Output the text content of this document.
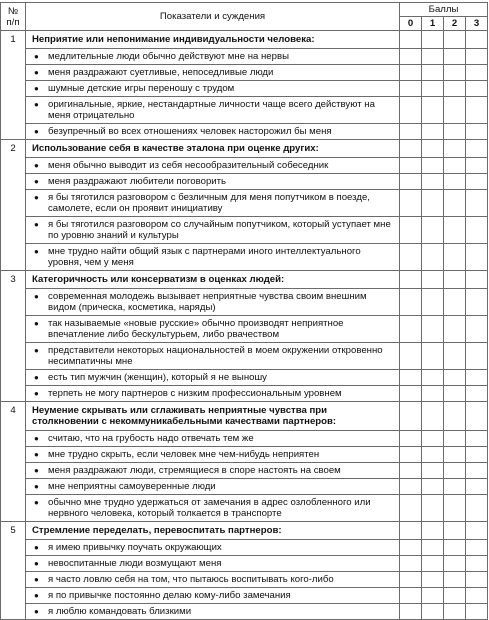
№
п/п	Показатели и суждения	Баллы			
		0	1	2	3
1	Неприятие или непонимание индивидуальности человека:				

	● медлительные люди обычно действуют мне на нервы				

	● меня раздражают суетливые, непоседливые люди				

	● шумные детские игры переношу с трудом				

	● оригинальные, яркие, нестандартные личности чаще всего действуют на меня отрицательно				

	● безупречный во всех отношениях человек насторожил бы меня				

2	Использование себя в качестве эталона при оценке других:				

	● меня обычно выводит из себя несообразительный собеседник				

	● меня раздражают любители поговорить				

	● я бы тяготился разговором с безличным для меня попутчиком в поезде, самолете, если он проявит инициативу				

	● я бы тяготился разговором со случайным попутчиком, который уступает мне по уровню знаний и культуры				

	● мне трудно найти общий язык с партнерами иного интеллектуального уровня, чем у меня				

3	Категоричность или консерватизм в оценках людей:				

	● современная молодежь вызывает неприятные чувства своим внешним видом (прическа, косметика, наряды)				

	● так называемые «новые русские» обычно производят неприятное впечатление либо бескультурьем, либо рвачеством				

	● представители некоторых национальностей в моем окружении откровенно несимпатичны мне				

	● есть тип мужчин (женщин), который я не выношу				

	● терпеть не могу партнеров с низким профессиональным уровнем				

4	Неумение скрывать или сглаживать неприятные чувства при столкновении с некоммуникабельными качествами партнеров:				

	● считаю, что на грубость надо отвечать тем же				

	● мне трудно скрыть, если человек мне чем-нибудь неприятен				

	● меня раздражают люди, стремящиеся в споре настоять на своем				

	● мне неприятны самоуверенные люди				

	● обычно мне трудно удержаться от замечания в адрес озлобленного или нервного человека, который толкается в транспорте				

5	Стремление переделать, перевоспитать партнеров:				

	● я имею привычку поучать окружающих				

	● невоспитанные люди возмущают меня				

	● я часто ловлю себя на том, что пытаюсь воспитывать кого-либо				

	● я по привычке постоянно делаю кому-либо замечания				

	● я люблю командовать близкими				
